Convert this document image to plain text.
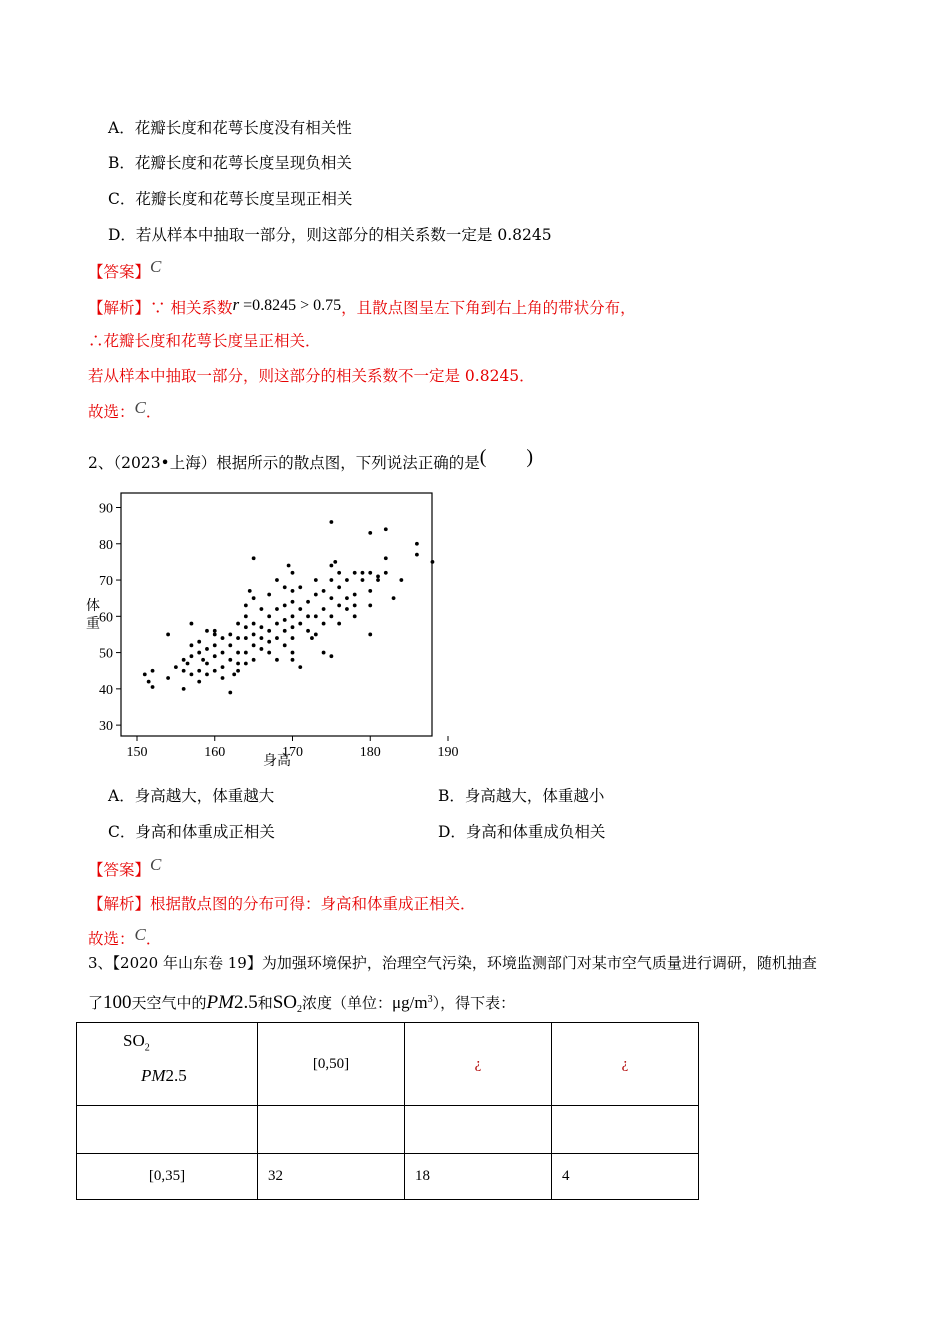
A．花瓣长度和花萼长度没有相关性
B．花瓣长度和花萼长度呈现负相关
C．花瓣长度和花萼长度呈现正相关
D．若从样本中抽取一部分，则这部分的相关系数一定是 0.8245
【答案】C
【解析】∵ 相关系数r =0.8245 > 0.75，且散点图呈左下角到右上角的带状分布，
∴花瓣长度和花萼长度呈正相关．
若从样本中抽取一部分，则这部分的相关系数不一定是 0.8245．
故选：C．
2、（2023•上海）根据所示的散点图，下列说法正确的是( )
30
40
50
60
70
80
90
150	160	170	180	190
体
重
身高
A．身高越大，体重越大	B．身高越大，体重越小
C．身高和体重成正相关	D．身高和体重成负相关
【答案】C
【解析】根据散点图的分布可得：身高和体重成正相关．
故选：C．
3、【2020 年山东卷 19】为加强环境保护，治理空气污染，环境监测部门对某市空气质量进行调研，随机抽查
了100天空气中的PM2.5和$SO_2$浓度（单位：$\mu g/m^3$），得下表：
$SO_2$
PM2.5	[0,50]	¿	¿

[0,35]	32	18	4
